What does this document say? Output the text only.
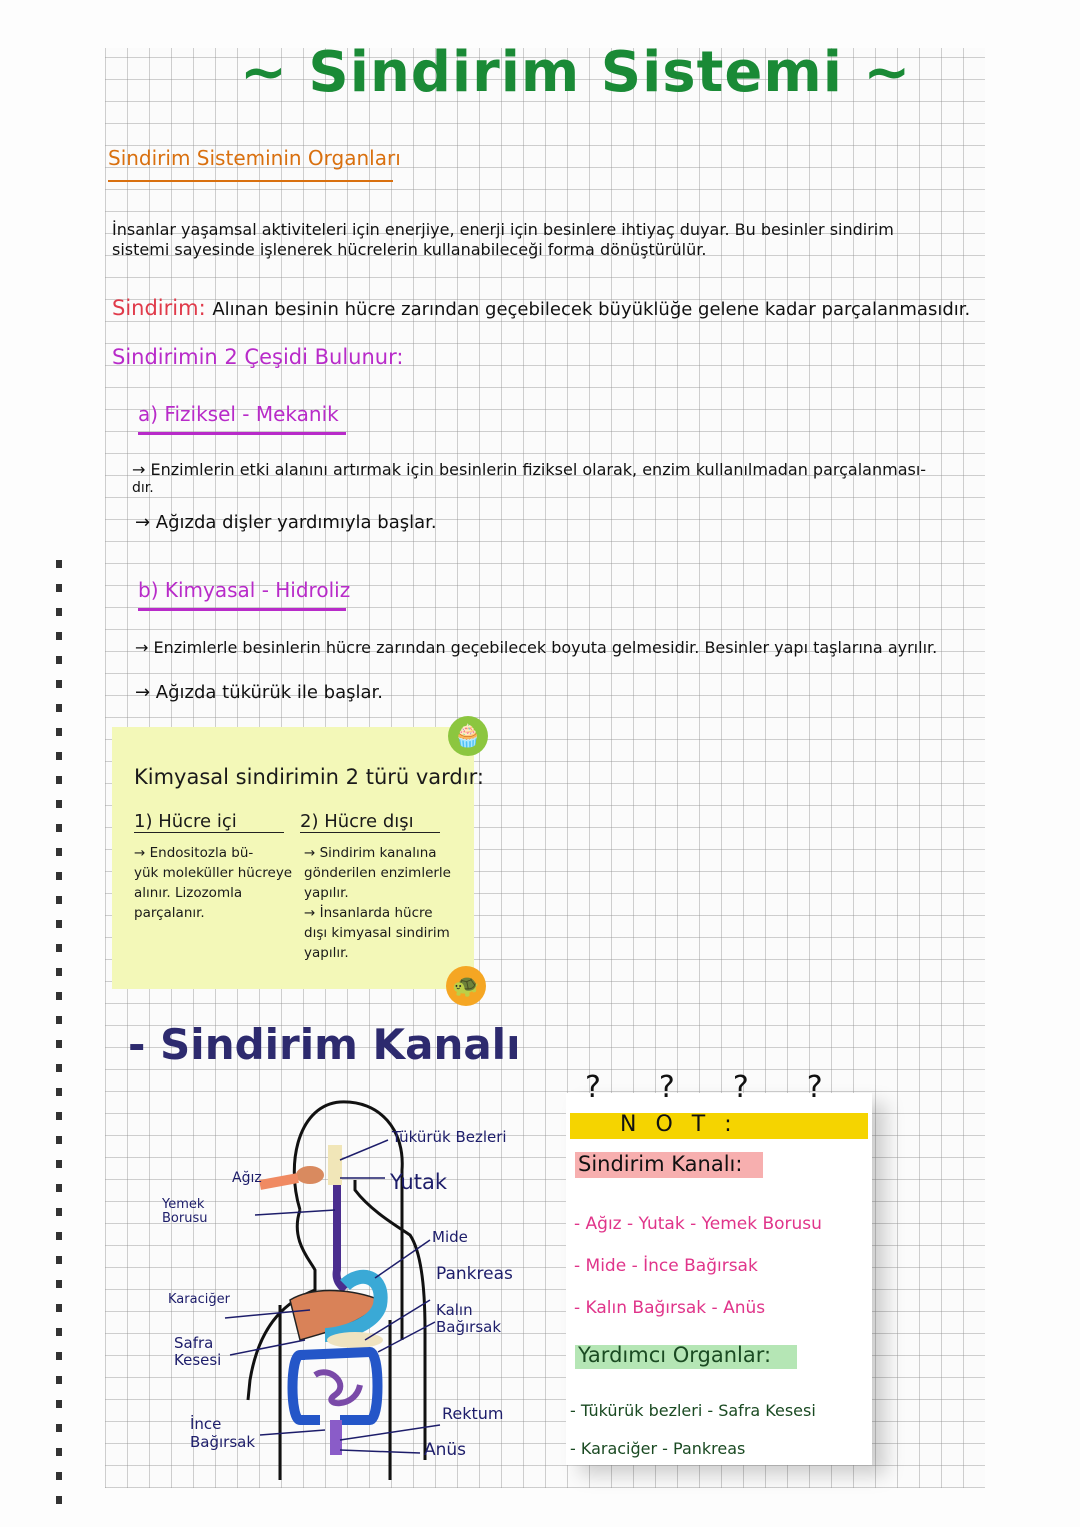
~ Sindirim Sistemi ~
Sindirim Sisteminin Organları
İnsanlar yaşamsal aktiviteleri için enerjiye, enerji için besinlere ihtiyaç duyar. Bu besinler sindirim
sistemi sayesinde işlenerek hücrelerin kullanabileceği forma dönüştürülür.
Sindirim: Alınan besinin hücre zarından geçebilecek büyüklüğe gelene kadar parçalanmasıdır.
Sindirimin 2 Çeşidi Bulunur:
a) Fiziksel - Mekanik
→ Enzimlerin etki alanını artırmak için besinlerin fiziksel olarak, enzim kullanılmadan parçalanması-
dır.
→ Ağızda dişler yardımıyla başlar.
b) Kimyasal - Hidroliz
→ Enzimlerle besinlerin hücre zarından geçebilecek boyuta gelmesidir. Besinler yapı taşlarına ayrılır.
→ Ağızda tükürük ile başlar.
Kimyasal sindirimin 2 türü vardır:
1) Hücre içi	2) Hücre dışı
→ Endositozla bü-
yük moleküller hücreye
alınır. Lizozomla
parçalanır.
→ Sindirim kanalına
gönderilen enzimlerle
yapılır.
→ İnsanlarda hücre
dışı kimyasal sindirim
yapılır.
🧁
🐢
- Sindirim Kanalı
Tükürük Bezleri
Ağız	Yutak
Yemek Borusu
Mide
Pankreas
Karaciğer
Kalın Bağırsak
Safra Kesesi
İnce Bağırsak
Rektum
Anüs
????
N O T :
Sindirim Kanalı:
- Ağız - Yutak - Yemek Borusu
- Mide - İnce Bağırsak
- Kalın Bağırsak - Anüs
Yardımcı Organlar:
- Tükürük bezleri - Safra Kesesi
- Karaciğer - Pankreas
